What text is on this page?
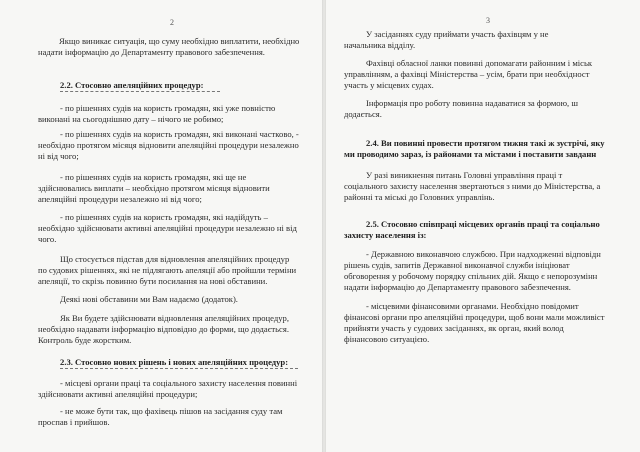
2
Якщо виникає ситуація, що суму необхідно виплатити, необхідно
надати інформацію до Департаменту правового забезпечення.
2.2. Стосовно апеляційних процедур:
- по рішеннях судів на користь громадян, які уже повністю
виконані на сьогоднішню дату – нічого не робимо;
- по рішеннях судів на користь громадян, які виконані частково, -
необхідно протягом місяця відновити апеляційні процедури незалежно
ні від чого;
- по рішеннях судів на користь громадян, які ще не
здійснювались виплати – необхідно протягом місяця відновити
апеляційні процедури незалежно ні від чого;
- по рішеннях судів на користь громадян, які надійдуть –
необхідно здійснювати активні апеляційні процедури незалежно ні від
чого.
Що стосується підстав для відновлення апеляційних процедур
по судових рішеннях, які не підлягають апеляції або пройшли терміни
апеляції, то скрізь повинно бути посилання на нові обставини.
Деякі нові обставини ми Вам надаємо (додаток).
Як Ви будете здійснювати відновлення апеляційних процедур,
необхідно надавати інформацію відповідно до форми, що додається.
Контроль буде жорстким.
2.3. Стосовно нових рішень і нових апеляційних процедур:
- місцеві органи праці та соціального захисту населення повинні
здійснювати активні апеляційні процедури;
- не може бути так, що фахівець пішов на засідання суду там
проспав і прийшов.
3
У засіданнях суду приймати участь фахівцям у не
начальника відділу.
Фахівці обласної ланки повинні допомагати районним і міськ
управлінням, а фахівці Міністерства – усім, брати при необхідност
участь у місцевих судах.
Інформація про роботу повинна надаватися за формою, ш
додається.
2.4. Ви повинні провести протягом тижня такі ж зустрічі, яку
ми проводимо зараз, із районами та містами і поставити завданн
У разі виникнення питань Головні управління праці т
соціального захисту населення звертаються з ними до Міністерства, а
районні та міські до Головних управлінь.
2.5. Стосовно співпраці місцевих органів праці та соціально
захисту населення із:
- Державною виконавчою службою. При надходженні відповідн
рішень судів, запитів Державної виконавчої служби ініціюват
обговорення у робочому порядку спільних дій. Якщо є непорозумінн
надати інформацію до Департаменту правового забезпечення.
- місцевими фінансовими органами. Необхідно повідомит
фінансові органи про апеляційні процедури, щоб вони мали можливіст
прийняти участь у судових засіданнях, як орган, який волод
фінансовою ситуацією.
